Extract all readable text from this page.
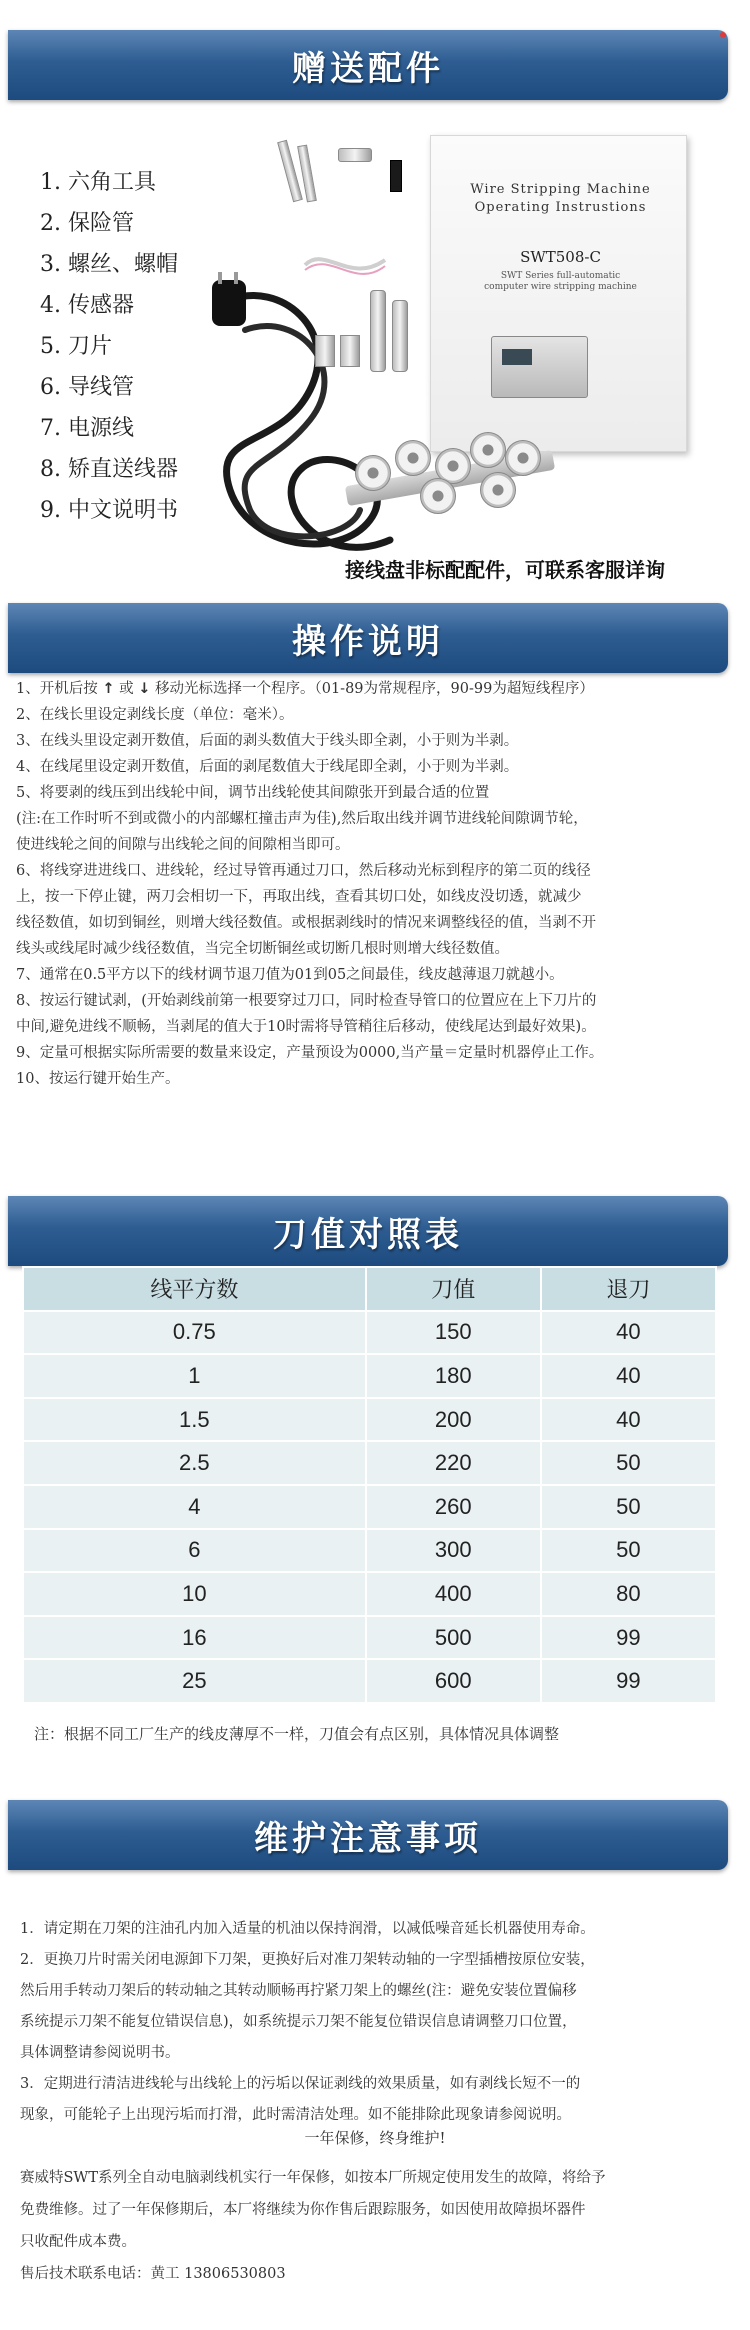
赠送配件
小怪是只猫
1. 六角工具
2. 保险管
3. 螺丝、螺帽
4. 传感器
5. 刀片
6. 导线管
7. 电源线
8. 矫直送线器
9. 中文说明书
Wire Stripping Machine
Operating Instrustions
SWT508-C
SWT Series full-automatic
computer wire stripping machine
接线盘非标配配件，可联系客服详询
操作说明

1、开机后按 ↑ 或 ↓ 移动光标选择一个程序。（01-89为常规程序，90-99为超短线程序）

2、在线长里设定剥线长度（单位：毫米）。

3、在线头里设定剥开数值，后面的剥头数值大于线头即全剥，小于则为半剥。

4、在线尾里设定剥开数值，后面的剥尾数值大于线尾即全剥，小于则为半剥。

5、将要剥的线压到出线轮中间，调节出线轮使其间隙张开到最合适的位置

(注:在工作时听不到或微小的内部螺杠撞击声为佳),然后取出线并调节进线轮间隙调节轮，

使进线轮之间的间隙与出线轮之间的间隙相当即可。

6、将线穿进进线口、进线轮，经过导管再通过刀口，然后移动光标到程序的第二页的线径

上，按一下停止键，两刀会相切一下，再取出线，查看其切口处，如线皮没切透，就减少

线径数值，如切到铜丝，则增大线径数值。或根据剥线时的情况来调整线径的值，当剥不开

线头或线尾时减少线径数值，当完全切断铜丝或切断几根时则增大线径数值。

7、通常在0.5平方以下的线材调节退刀值为01到05之间最佳，线皮越薄退刀就越小。

8、按运行键试剥，(开始剥线前第一根要穿过刀口，同时检查导管口的位置应在上下刀片的

中间,避免进线不顺畅，当剥尾的值大于10时需将导管稍往后移动，使线尾达到最好效果)。

9、定量可根据实际所需要的数量来设定，产量预设为0000,当产量＝定量时机器停止工作。

10、按运行键开始生产。

刀值对照表
线平方数	刀值	退刀
0.75	150	40
1	180	40
1.5	200	40
2.5	220	50
4	260	50
6	300	50
10	400	80
16	500	99
25	600	99
注：根据不同工厂生产的线皮薄厚不一样，刀值会有点区别，具体情况具体调整
维护注意事项

1．请定期在刀架的注油孔内加入适量的机油以保持润滑，以减低噪音延长机器使用寿命。

2．更换刀片时需关闭电源卸下刀架，更换好后对准刀架转动轴的一字型插槽按原位安装，

然后用手转动刀架后的转动轴之其转动顺畅再拧紧刀架上的螺丝(注：避免安装位置偏移

系统提示刀架不能复位错误信息)，如系统提示刀架不能复位错误信息请调整刀口位置，

具体调整请参阅说明书。

3．定期进行清洁进线轮与出线轮上的污垢以保证剥线的效果质量，如有剥线长短不一的

现象，可能轮子上出现污垢而打滑，此时需清洁处理。如不能排除此现象请参阅说明。

一年保修，终身维护!

赛威特SWT系列全自动电脑剥线机实行一年保修，如按本厂所规定使用发生的故障，将给予

免费维修。过了一年保修期后，本厂将继续为你作售后跟踪服务，如因使用故障损坏器件

只收配件成本费。

售后技术联系电话：黄工 13806530803
